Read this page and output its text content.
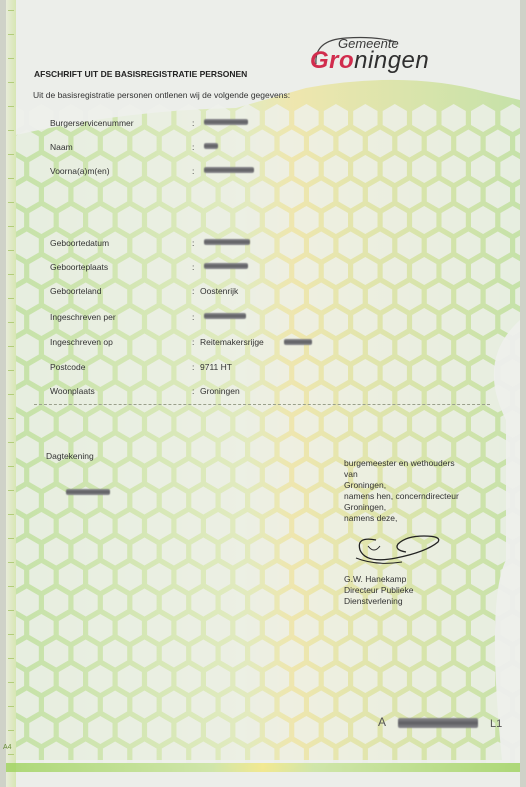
Gemeente
Groningen
AFSCHRIFT UIT DE BASISREGISTRATIE PERSONEN
Uit de basisregistratie personen ontlenen wij de volgende gegevens:
Burgerservicenummer	:
Naam	:
Voorna(a)m(en)	:
Geboortedatum	:
Geboorteplaats	:
Geboorteland	: Oostenrijk
Ingeschreven per	:
Ingeschreven op	: Reitemakersrijge
Postcode	: 9711 HT
Woonplaats	: Groningen
Dagtekening
burgemeester en wethouders
van
Groningen,
namens hen, concerndirecteur
Groningen,
namens deze,
G.W. Hanekamp
Directeur Publieke
Dienstverlening
A	L1
A4
